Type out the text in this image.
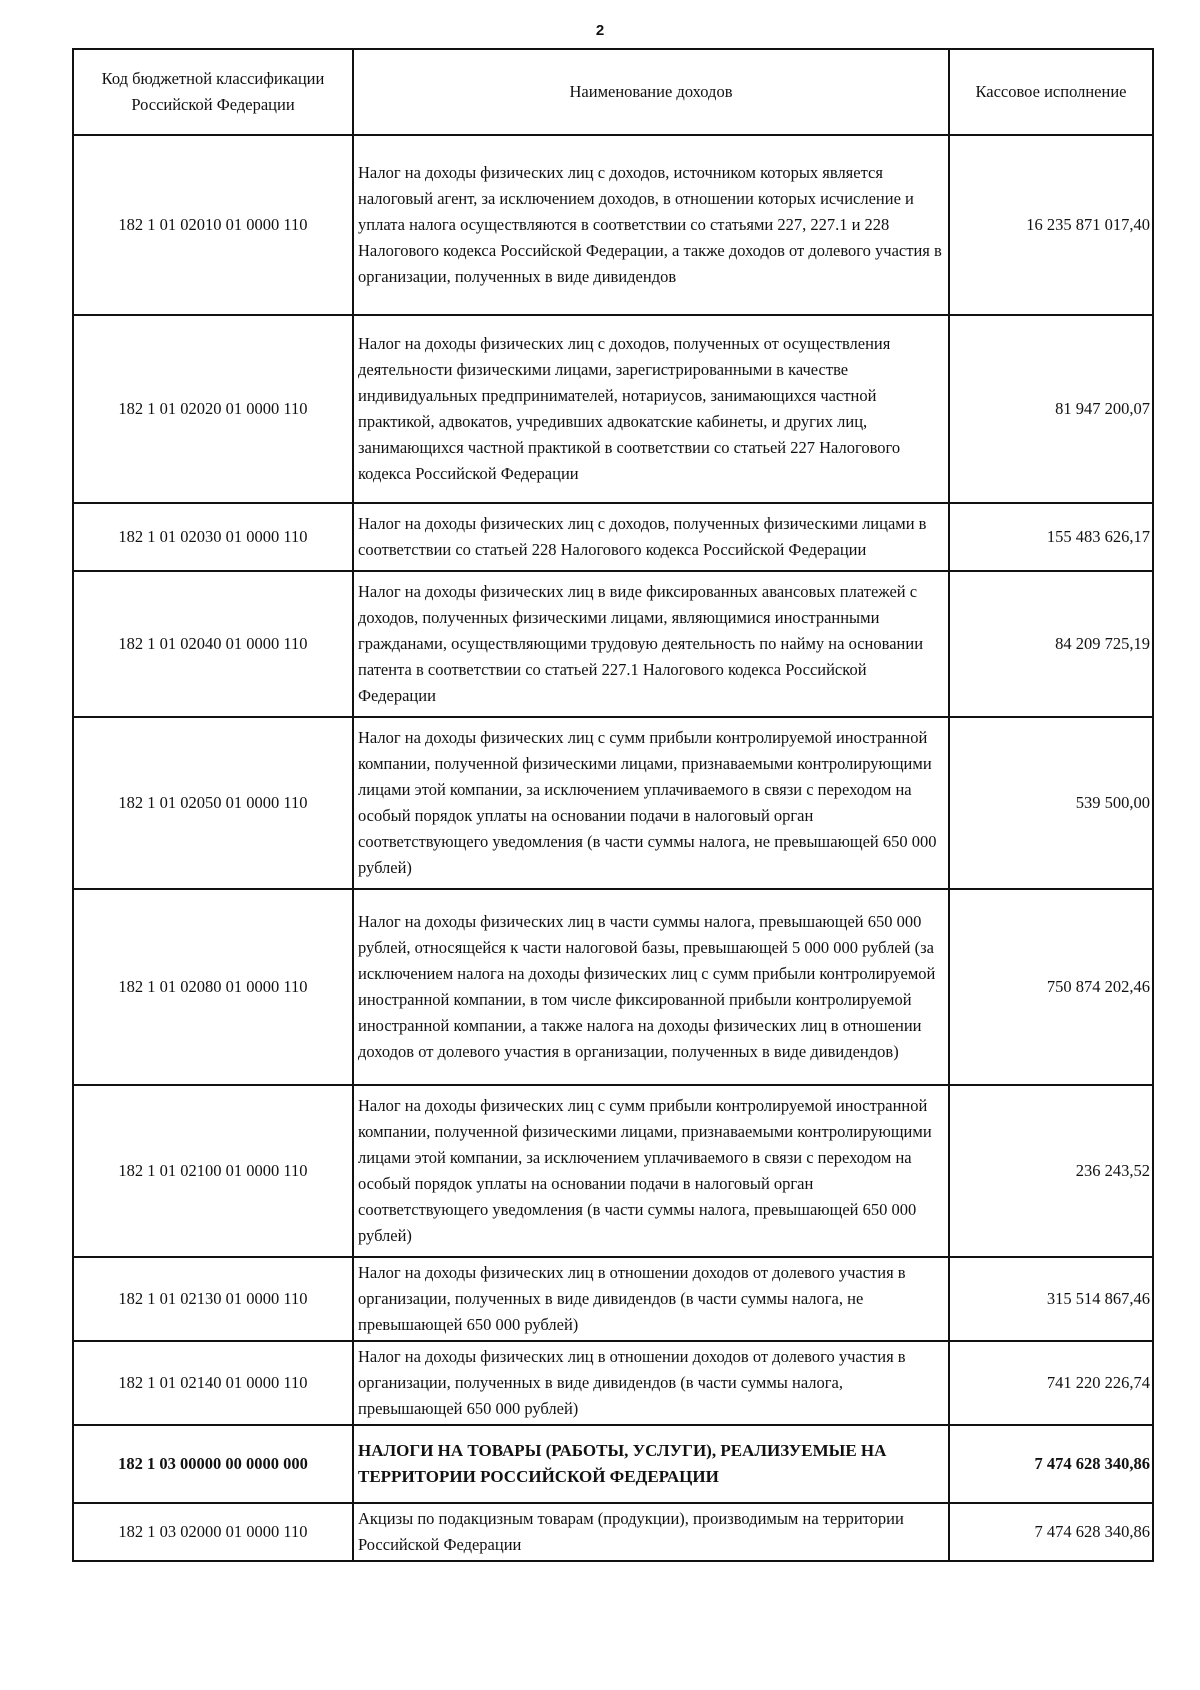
2
Код бюджетной классификации Российской Федерации	Наименование доходов	Кассовое исполнение
182 1 01 02010 01 0000 110	Налог на доходы физических лиц с доходов, источником которых является налоговый агент, за исключением доходов, в отношении которых исчисление и уплата налога осуществляются в соответствии со статьями 227, 227.1 и 228 Налогового кодекса Российской Федерации, а также доходов от долевого участия в организации, полученных в виде дивидендов	16 235 871 017,40
182 1 01 02020 01 0000 110	Налог на доходы физических лиц с доходов, полученных от осуществления деятельности физическими лицами, зарегистрированными в качестве индивидуальных предпринимателей, нотариусов, занимающихся частной практикой, адвокатов, учредивших адвокатские кабинеты, и других лиц, занимающихся частной практикой в соответствии со статьей 227 Налогового кодекса Российской Федерации	81 947 200,07
182 1 01 02030 01 0000 110	Налог на доходы физических лиц с доходов, полученных физическими лицами в соответствии со статьей 228 Налогового кодекса Российской Федерации	155 483 626,17
182 1 01 02040 01 0000 110	Налог на доходы физических лиц в виде фиксированных авансовых платежей с доходов, полученных физическими лицами, являющимися иностранными гражданами, осуществляющими трудовую деятельность по найму на основании патента в соответствии со статьей 227.1 Налогового кодекса Российской Федерации	84 209 725,19
182 1 01 02050 01 0000 110	Налог на доходы физических лиц с сумм прибыли контролируемой иностранной компании, полученной физическими лицами, признаваемыми контролирующими лицами этой компании, за исключением уплачиваемого в связи с переходом на особый порядок уплаты на основании подачи в налоговый орган соответствующего уведомления (в части суммы налога, не превышающей 650 000 рублей)	539 500,00
182 1 01 02080 01 0000 110	Налог на доходы физических лиц в части суммы налога, превышающей 650 000 рублей, относящейся к части налоговой базы, превышающей 5 000 000 рублей (за исключением налога на доходы физических лиц с сумм прибыли контролируемой иностранной компании, в том числе фиксированной прибыли контролируемой иностранной компании, а также налога на доходы физических лиц в отношении доходов от долевого участия в организации, полученных в виде дивидендов)	750 874 202,46
182 1 01 02100 01 0000 110	Налог на доходы физических лиц с сумм прибыли контролируемой иностранной компании, полученной физическими лицами, признаваемыми контролирующими лицами этой компании, за исключением уплачиваемого в связи с переходом на особый порядок уплаты на основании подачи в налоговый орган соответствующего уведомления (в части суммы налога, превышающей 650 000 рублей)	236 243,52
182 1 01 02130 01 0000 110	Налог на доходы физических лиц в отношении доходов от долевого участия в организации, полученных в виде дивидендов (в части суммы налога, не превышающей 650 000 рублей)	315 514 867,46
182 1 01 02140 01 0000 110	Налог на доходы физических лиц в отношении доходов от долевого участия в организации, полученных в виде дивидендов (в части суммы налога, превышающей 650 000 рублей)	741 220 226,74
182 1 03 00000 00 0000 000	НАЛОГИ НА ТОВАРЫ (РАБОТЫ, УСЛУГИ), РЕАЛИЗУЕМЫЕ НА ТЕРРИТОРИИ РОССИЙСКОЙ ФЕДЕРАЦИИ	7 474 628 340,86
182 1 03 02000 01 0000 110	Акцизы по подакцизным товарам (продукции), производимым на территории Российской Федерации	7 474 628 340,86
